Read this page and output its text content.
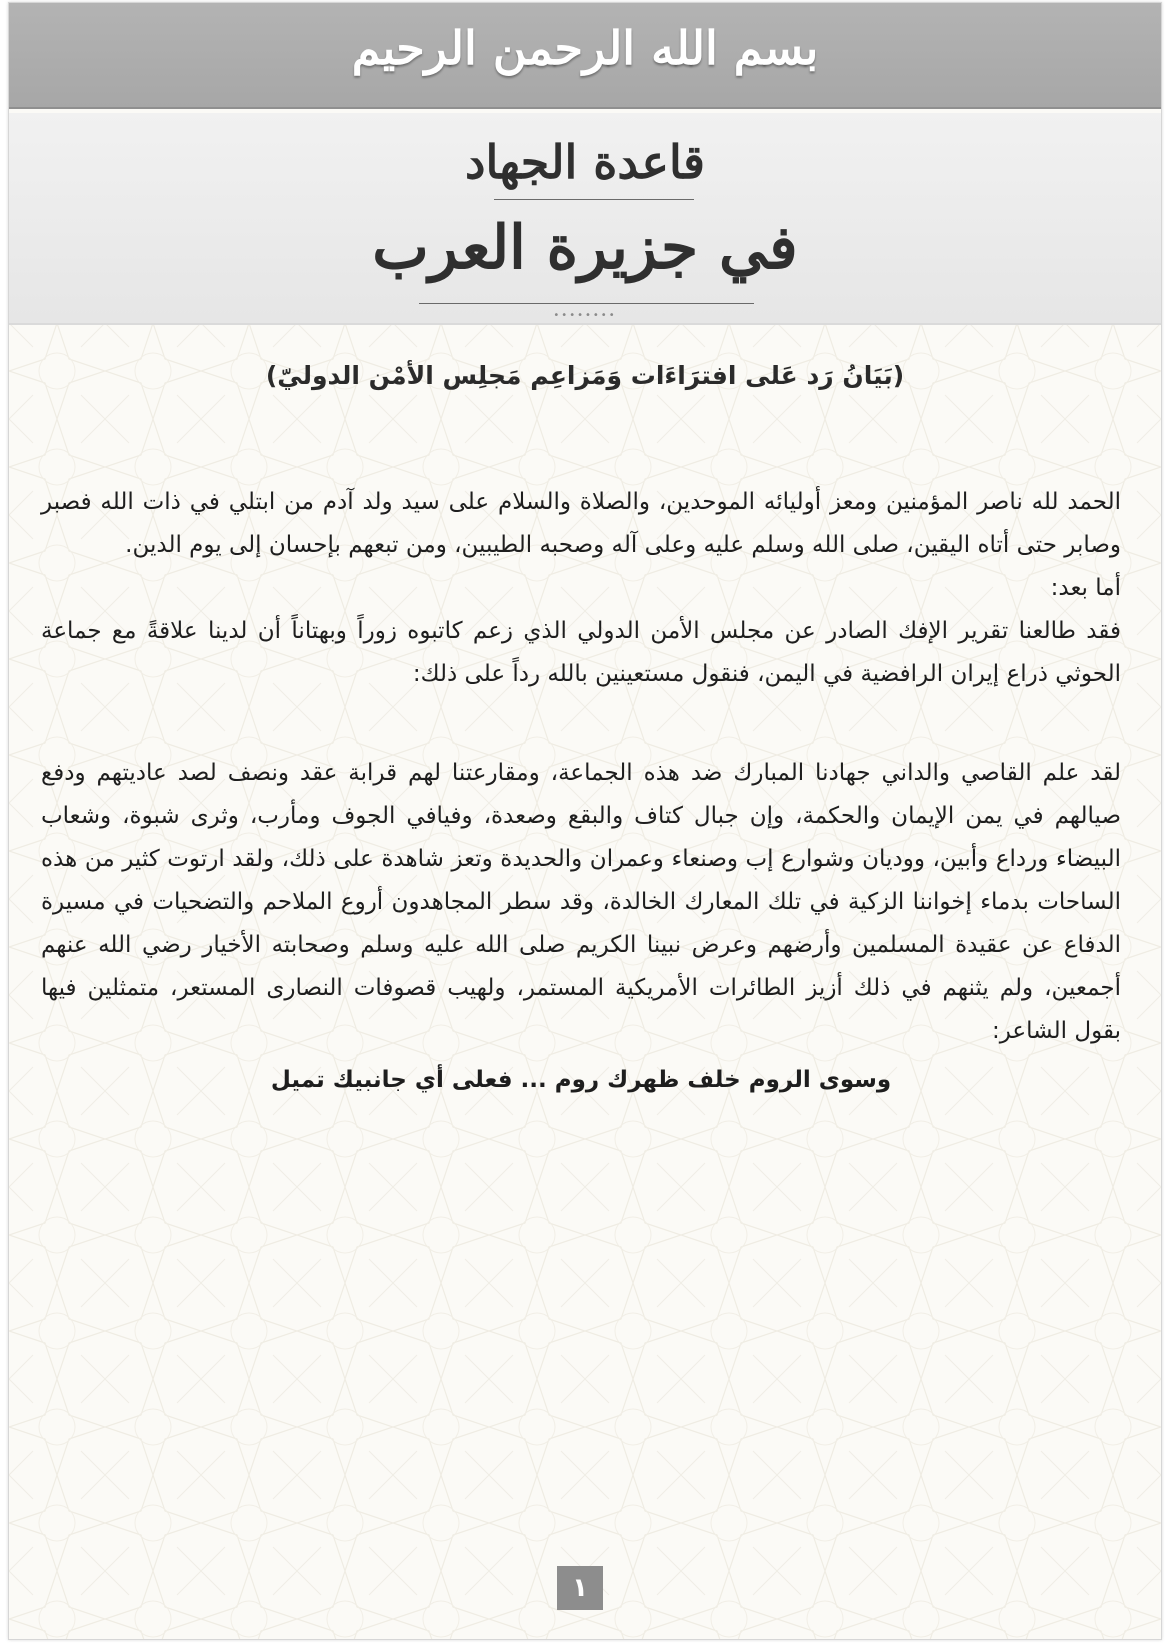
بسم الله الرحمن الرحيم
قاعدة الجهاد
في جزيرة العرب
••••••••
(بَيَانُ رَد عَلى افترَاءَات وَمَزاعِم مَجلِس الأمْن الدوليّ)

الحمد لله ناصر المؤمنين ومعز أوليائه الموحدين، والصلاة والسلام على سيد ولد آدم من ابتلي في ذات الله فصبر وصابر حتى أتاه اليقين، صلى الله وسلم عليه وعلى آله وصحبه الطيبين، ومن تبعهم بإحسان إلى يوم الدين.

أما بعد:

فقد طالعنا تقرير الإفك الصادر عن مجلس الأمن الدولي الذي زعم كاتبوه زوراً وبهتاناً أن لدينا علاقةً مع جماعة الحوثي ذراع إيران الرافضية في اليمن، فنقول مستعينين بالله رداً على ذلك:

لقد علم القاصي والداني جهادنا المبارك ضد هذه الجماعة، ومقارعتنا لهم قرابة عقد ونصف لصد عاديتهم ودفع صيالهم في يمن الإيمان والحكمة، وإن جبال كتاف والبقع وصعدة، وفيافي الجوف ومأرب، وثرى شبوة، وشعاب البيضاء ورداع وأبين، ووديان وشوارع إب وصنعاء وعمران والحديدة وتعز شاهدة على ذلك، ولقد ارتوت كثير من هذه الساحات بدماء إخواننا الزكية في تلك المعارك الخالدة، وقد سطر المجاهدون أروع الملاحم والتضحيات في مسيرة الدفاع عن عقيدة المسلمين وأرضهم وعرض نبينا الكريم صلى الله عليه وسلم وصحابته الأخيار رضي الله عنهم أجمعين، ولم يثنهم في ذلك أزيز الطائرات الأمريكية المستمر، ولهيب قصوفات النصارى المستعر، متمثلين فيها بقول الشاعر:

وسوى الروم خلف ظهرك روم ... فعلى أي جانبيك تميل

١
